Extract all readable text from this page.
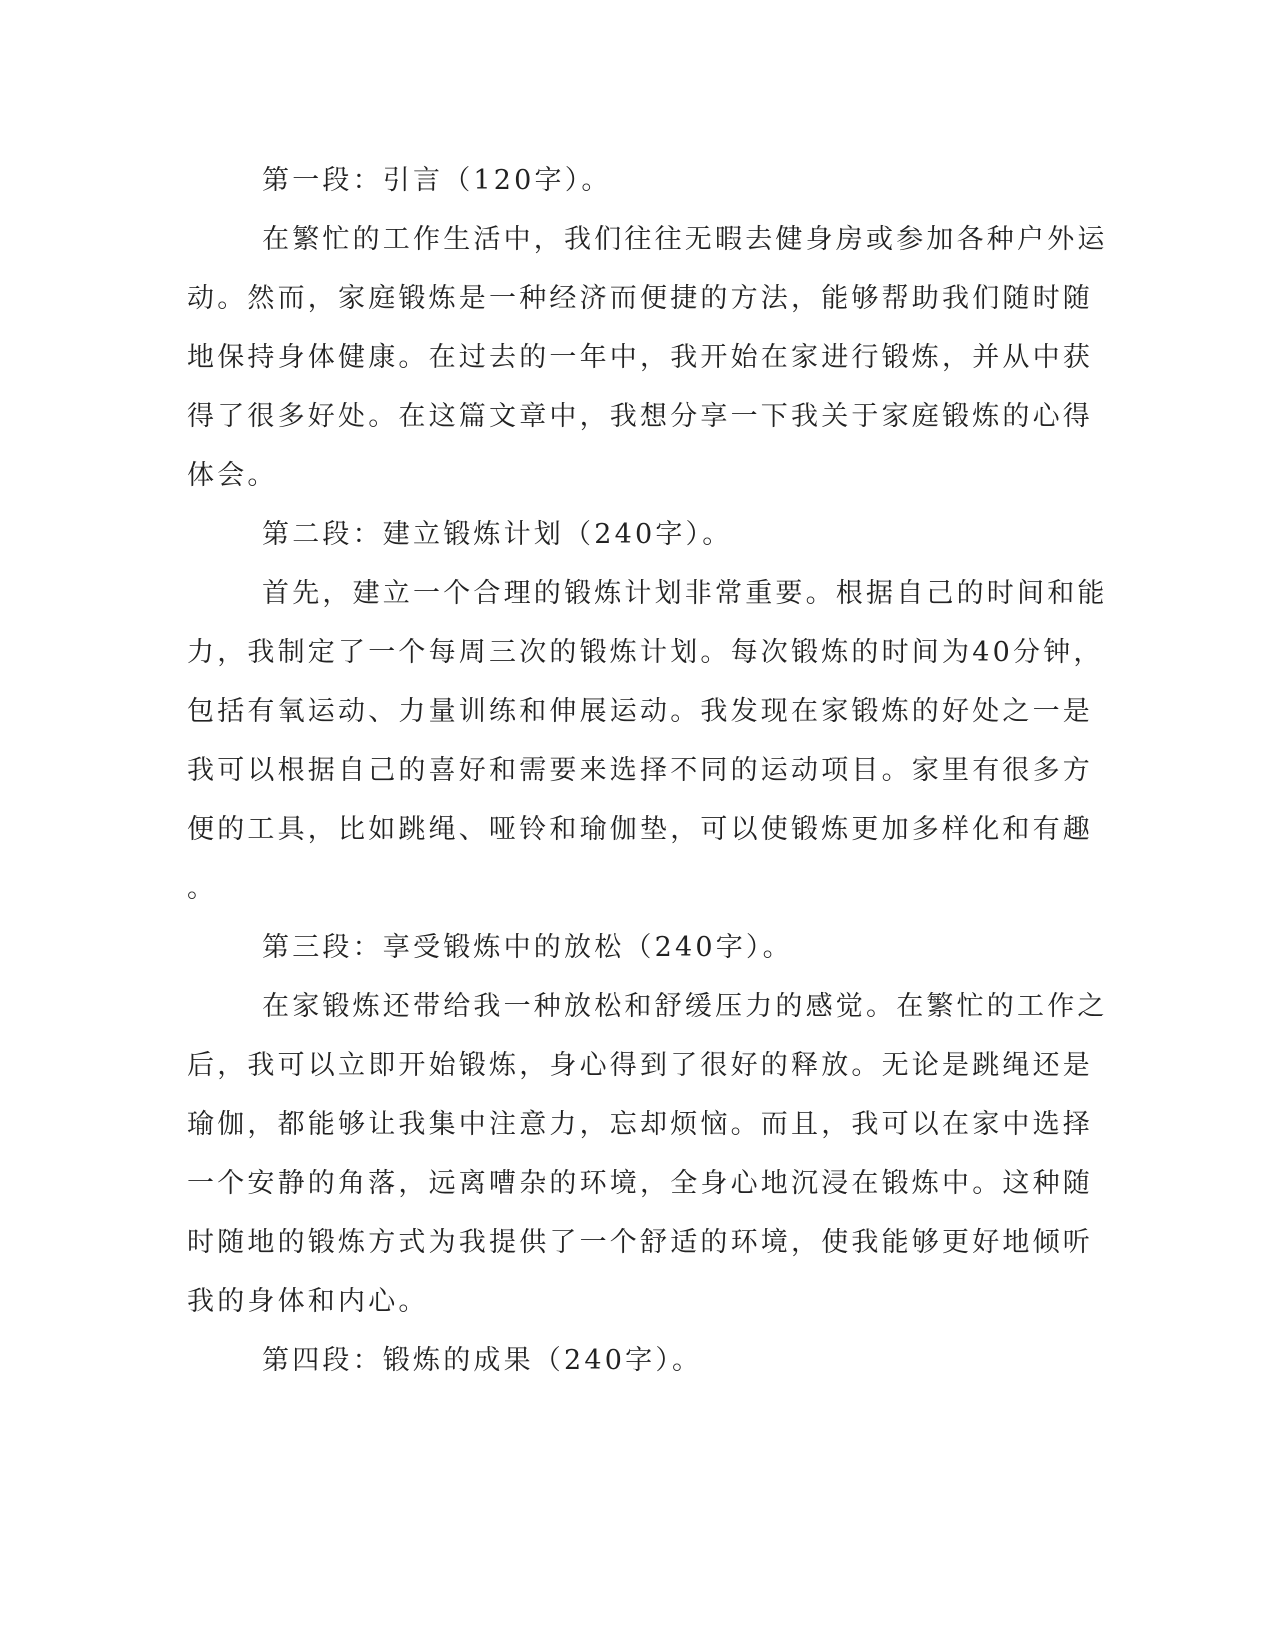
第一段：引言（120字）。

在繁忙的工作生活中，我们往往无暇去健身房或参加各种户外运

动。然而，家庭锻炼是一种经济而便捷的方法，能够帮助我们随时随

地保持身体健康。在过去的一年中，我开始在家进行锻炼，并从中获

得了很多好处。在这篇文章中，我想分享一下我关于家庭锻炼的心得

体会。

第二段：建立锻炼计划（240字）。

首先，建立一个合理的锻炼计划非常重要。根据自己的时间和能

力，我制定了一个每周三次的锻炼计划。每次锻炼的时间为40分钟，

包括有氧运动、力量训练和伸展运动。我发现在家锻炼的好处之一是

我可以根据自己的喜好和需要来选择不同的运动项目。家里有很多方

便的工具，比如跳绳、哑铃和瑜伽垫，可以使锻炼更加多样化和有趣

。

第三段：享受锻炼中的放松（240字）。

在家锻炼还带给我一种放松和舒缓压力的感觉。在繁忙的工作之

后，我可以立即开始锻炼，身心得到了很好的释放。无论是跳绳还是

瑜伽，都能够让我集中注意力，忘却烦恼。而且，我可以在家中选择

一个安静的角落，远离嘈杂的环境，全身心地沉浸在锻炼中。这种随

时随地的锻炼方式为我提供了一个舒适的环境，使我能够更好地倾听

我的身体和内心。

第四段：锻炼的成果（240字）。
